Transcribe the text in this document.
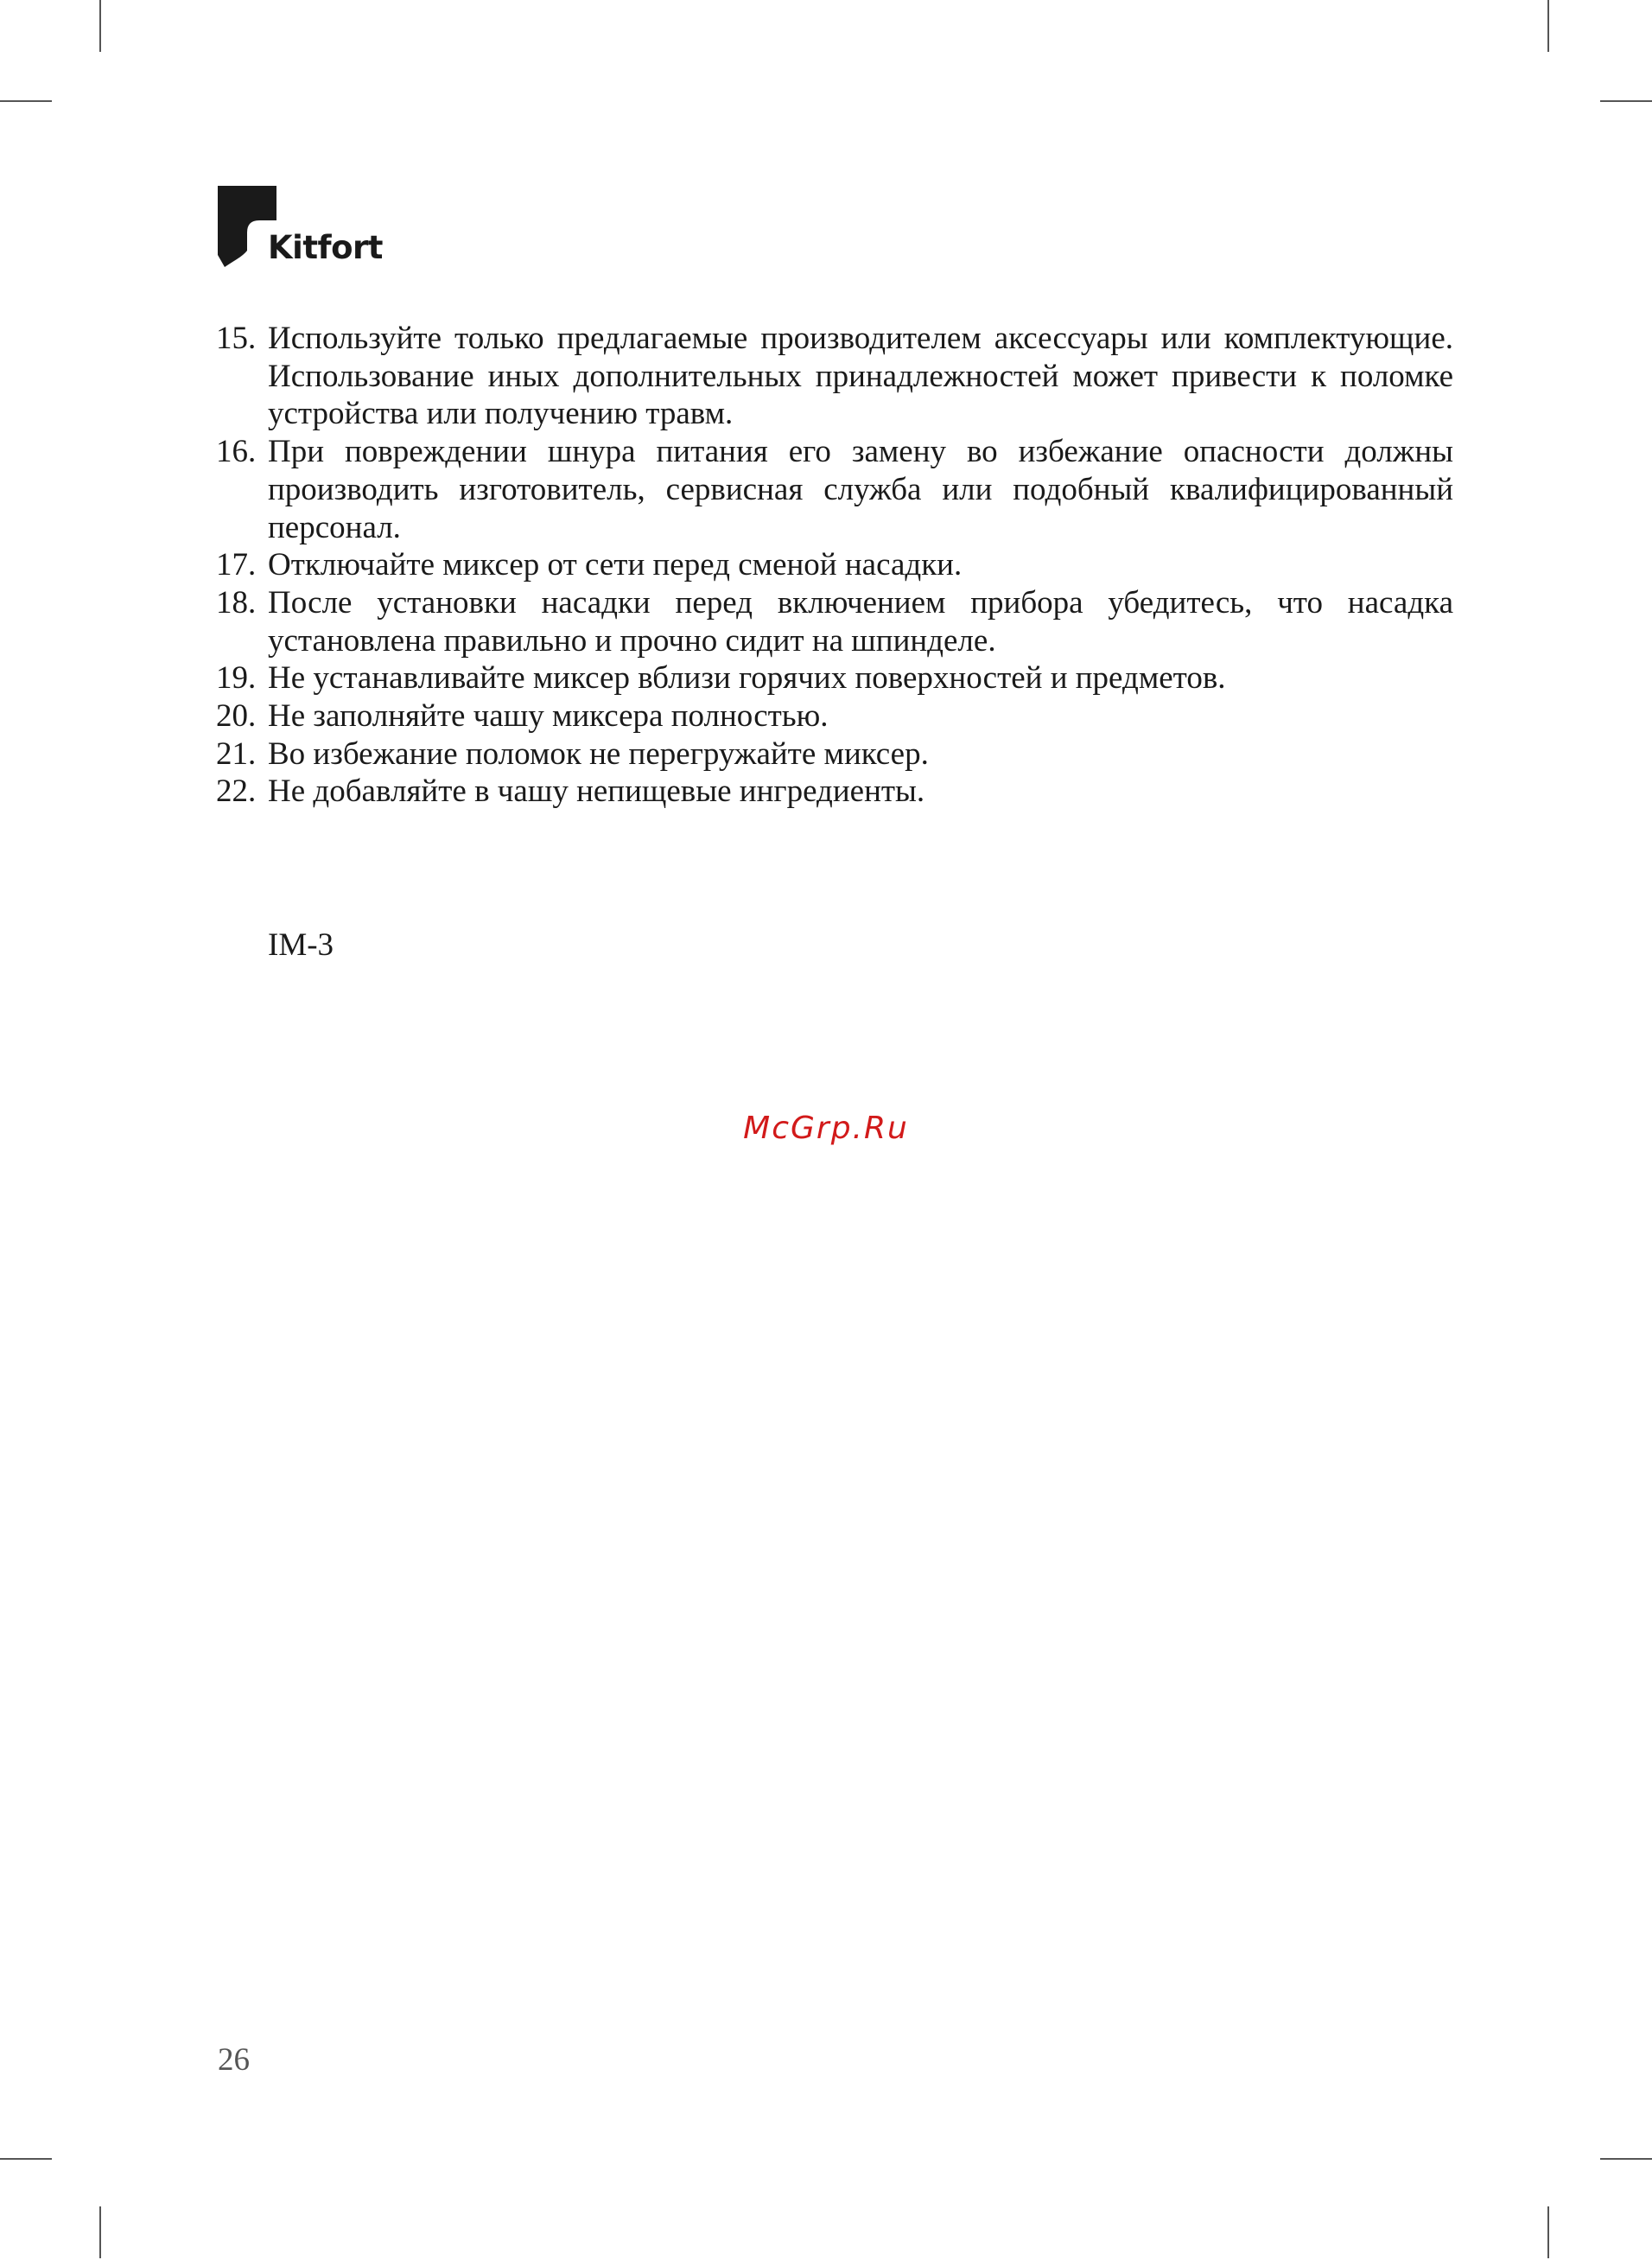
Kitfort
15. Используйте только предлагаемые производителем аксессуары или комплектующие. Использование иных дополнительных принадлежностей может привести к поломке устройства или получению травм.
16. При повреждении шнура питания его замену во избежание опасности должны производить изготовитель, сервисная служба или подобный квалифицированный персонал.
17. Отключайте миксер от сети перед сменой насадки.
18. После установки насадки перед включением прибора убедитесь, что насадка установлена правильно и прочно сидит на шпинделе.
19. Не устанавливайте миксер вблизи горячих поверхностей и предметов.
20. Не заполняйте чашу миксера полностью.
21. Во избежание поломок не перегружайте миксер.
22. Не добавляйте в чашу непищевые ингредиенты.
IM-3
McGrp.Ru
26
